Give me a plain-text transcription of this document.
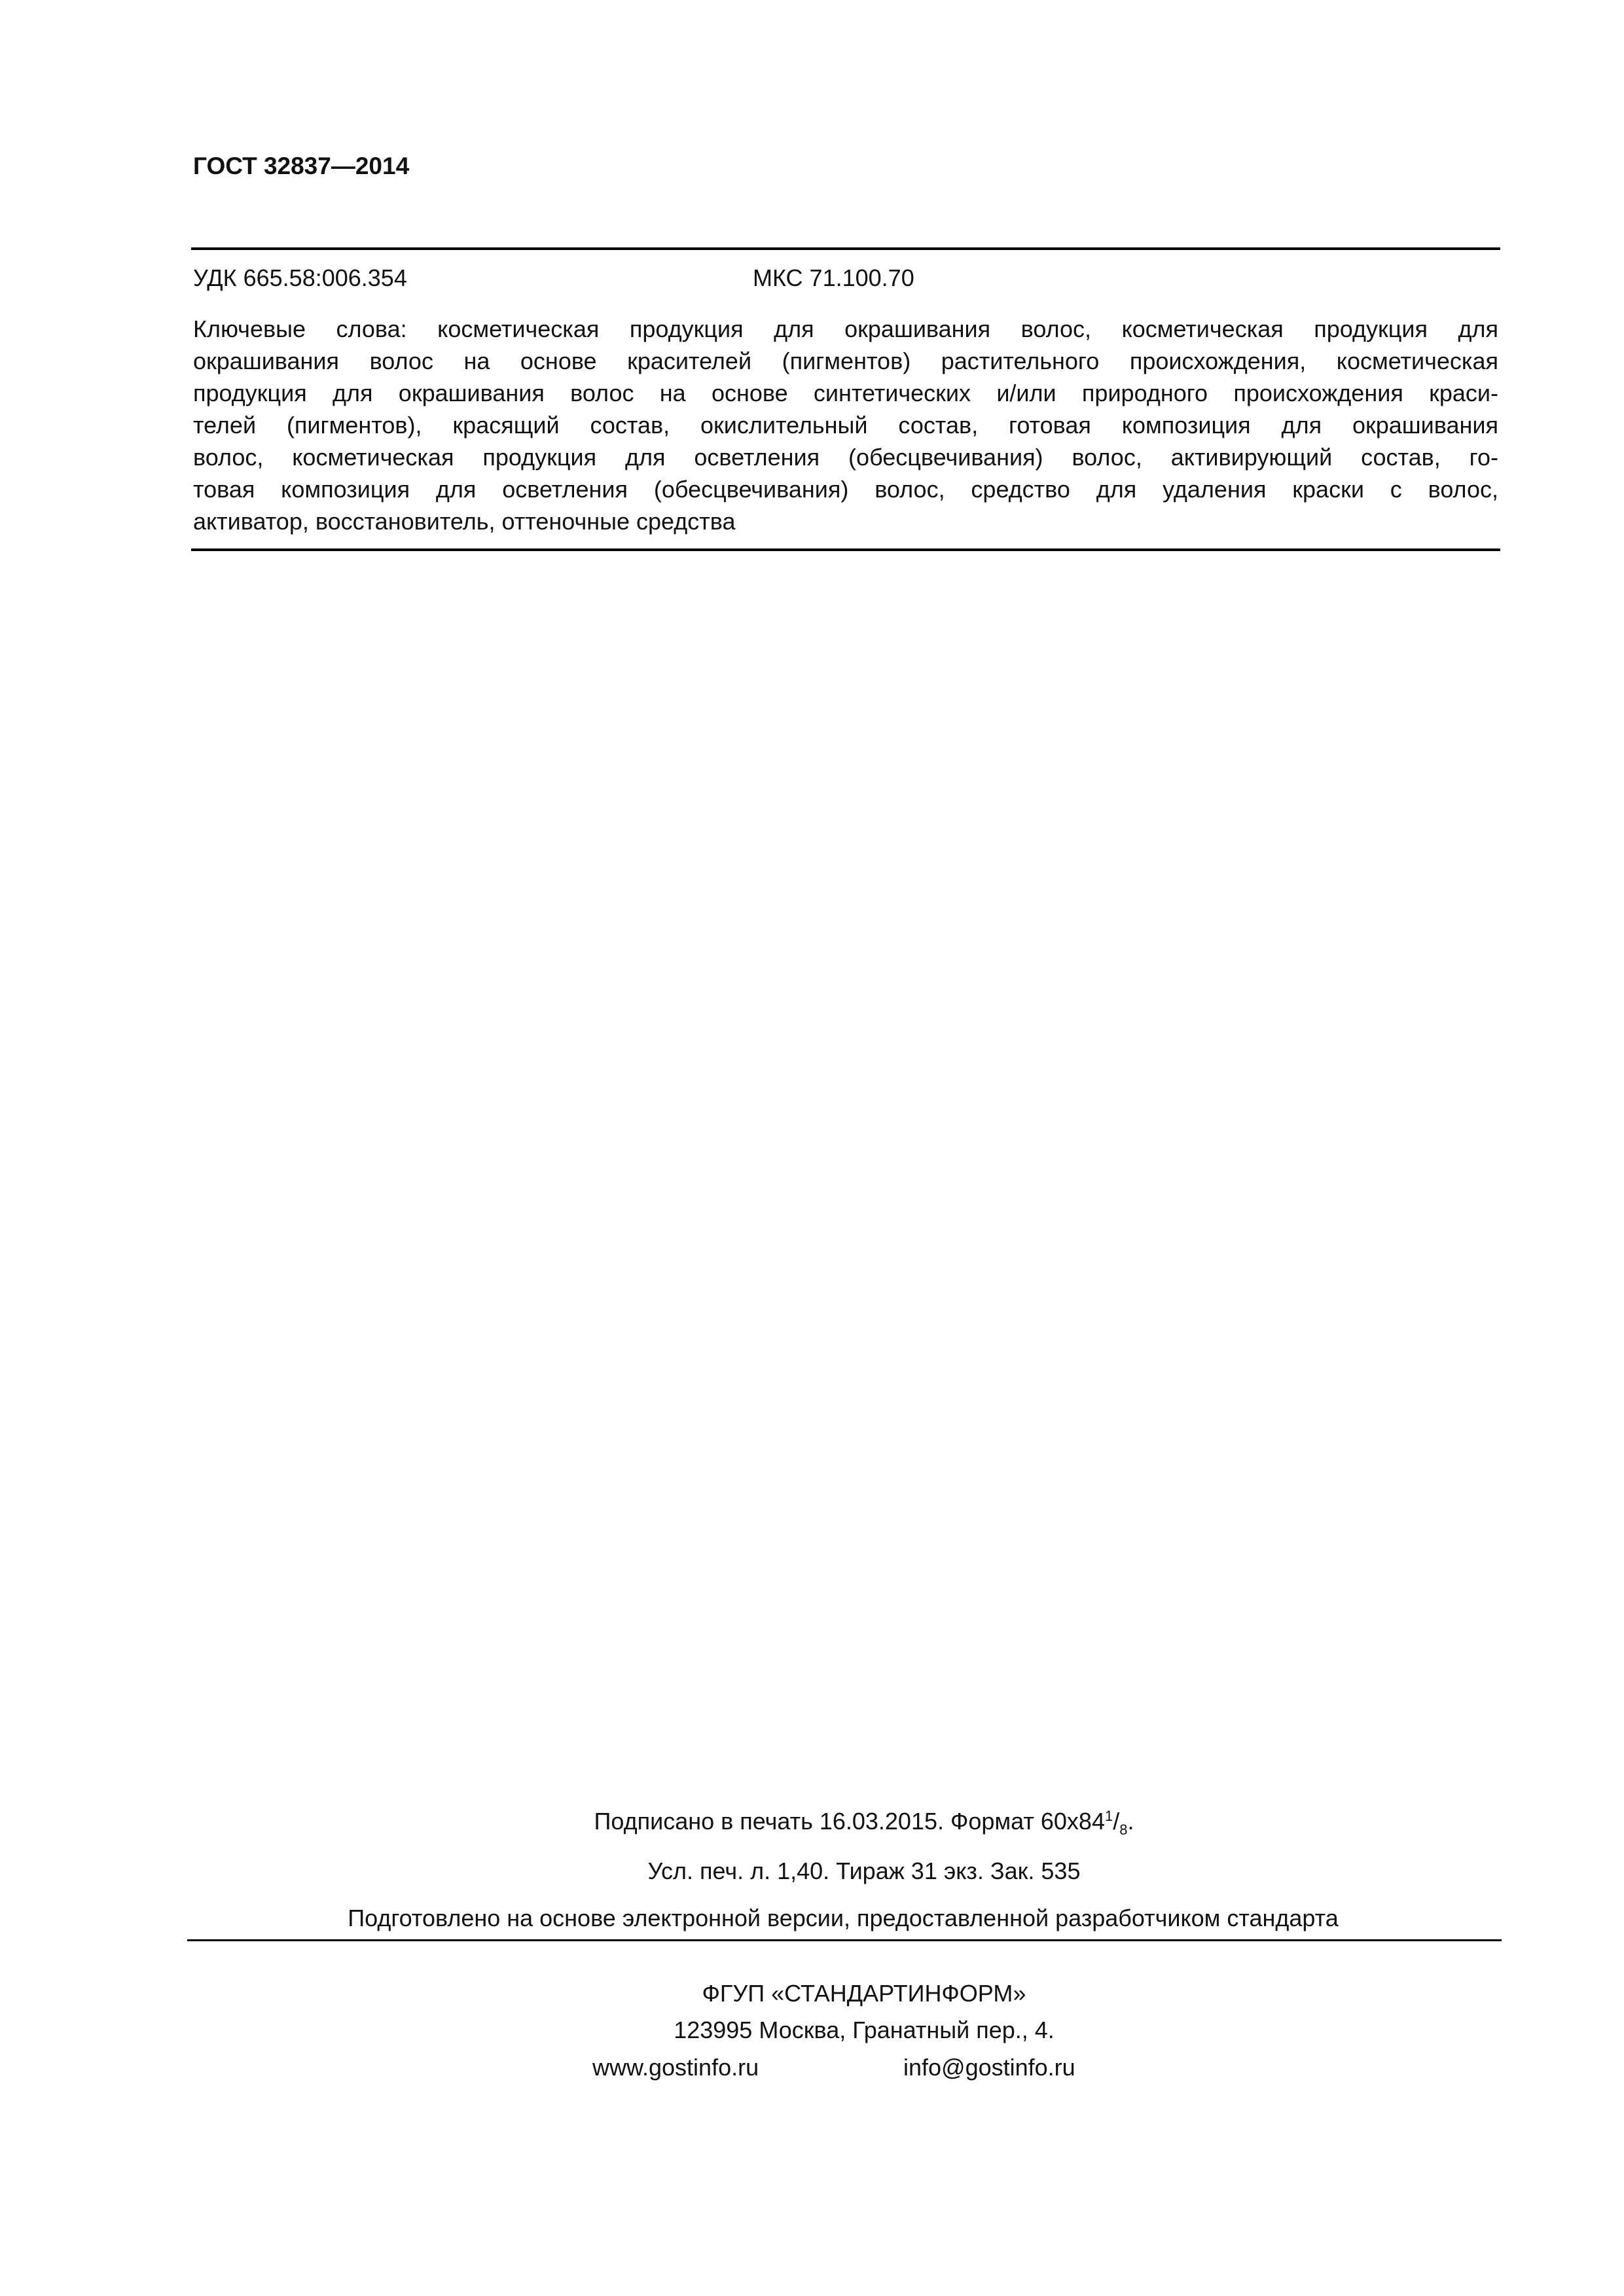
ГОСТ 32837—2014
УДК 665.58:006.354	МКС 71.100.70
Ключевые слова: косметическая продукция для окрашивания волос, косметическая продукция для
окрашивания волос на основе красителей (пигментов) растительного происхождения, косметическая
продукция для окрашивания волос на основе синтетических и/или природного происхождения краси-
телей (пигментов), красящий состав, окислительный состав, готовая композиция для окрашивания
волос, косметическая продукция для осветления (обесцвечивания) волос, активирующий состав, го-
товая композиция для осветления (обесцвечивания) волос, средство для удаления краски с волос,
активатор, восстановитель, оттеночные средства
Подписано в печать 16.03.2015. Формат $60x84^1/_8$.
Усл. печ. л. 1,40. Тираж 31 экз. Зак. 535
Подготовлено на основе электронной версии, предоставленной разработчиком стандарта
ФГУП «СТАНДАРТИНФОРМ»
123995 Москва, Гранатный пер., 4.
www.gostinfo.ru	info@gostinfo.ru
